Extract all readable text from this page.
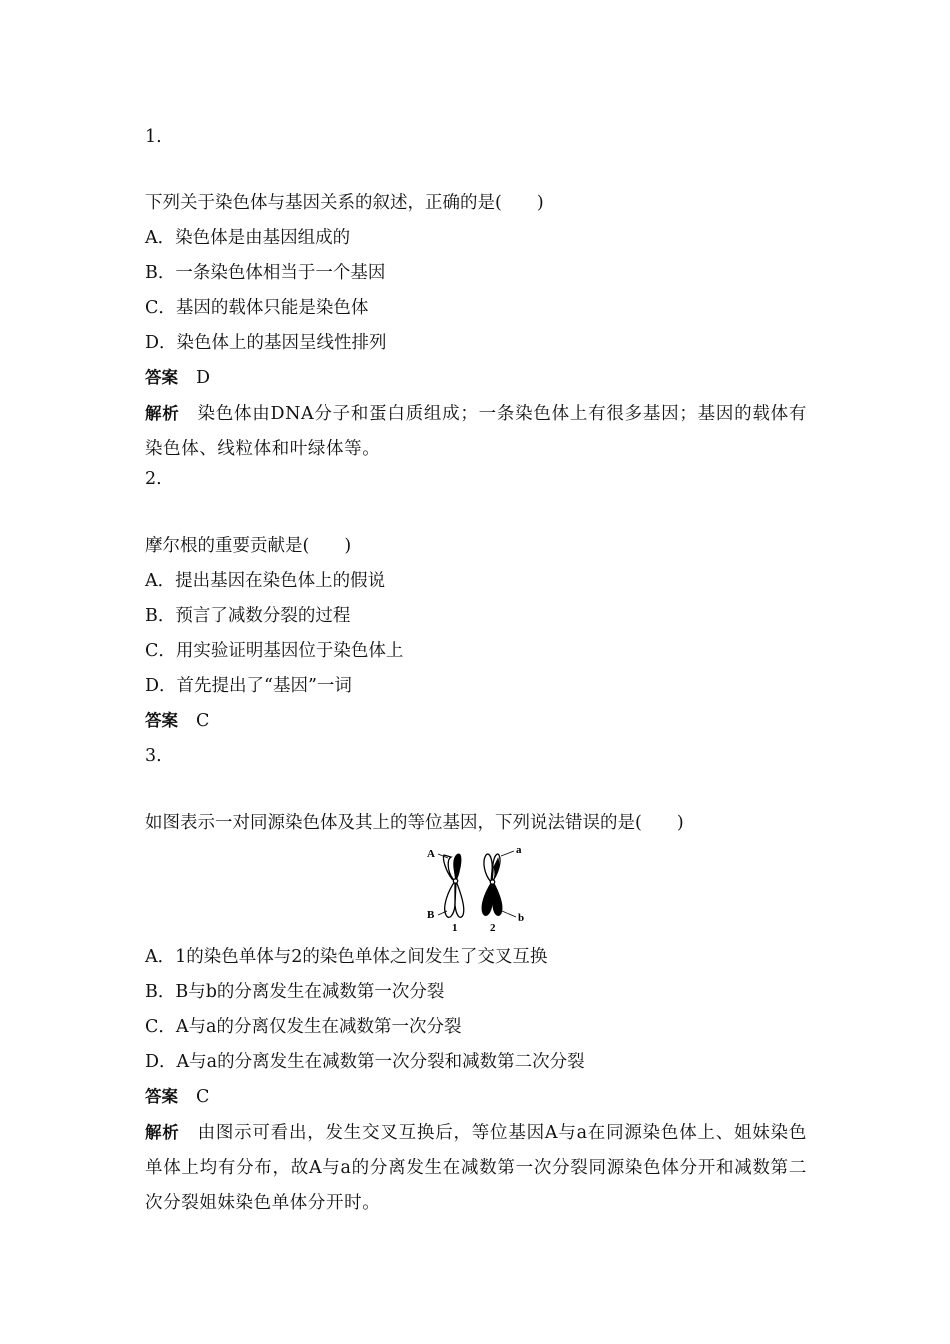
1.
下列关于染色体与基因关系的叙述，正确的是(　　)
A．染色体是由基因组成的
B．一条染色体相当于一个基因
C．基因的载体只能是染色体
D．染色体上的基因呈线性排列
答案 D
解析 染色体由DNA分子和蛋白质组成；一条染色体上有很多基因；基因的载体有染色体、线粒体和叶绿体等。
2.
摩尔根的重要贡献是(　　)
A．提出基因在染色体上的假说
B．预言了减数分裂的过程
C．用实验证明基因位于染色体上
D．首先提出了“基因”一词
答案 C
3.
如图表示一对同源染色体及其上的等位基因，下列说法错误的是(　　)
A	a
B	b
1	2
A．1的染色单体与2的染色单体之间发生了交叉互换
B．B与b的分离发生在减数第一次分裂
C．A与a的分离仅发生在减数第一次分裂
D．A与a的分离发生在减数第一次分裂和减数第二次分裂
答案 C
解析 由图示可看出，发生交叉互换后，等位基因A与a在同源染色体上、姐妹染色单体上均有分布，故A与a的分离发生在减数第一次分裂同源染色体分开和减数第二次分裂姐妹染色单体分开时。
